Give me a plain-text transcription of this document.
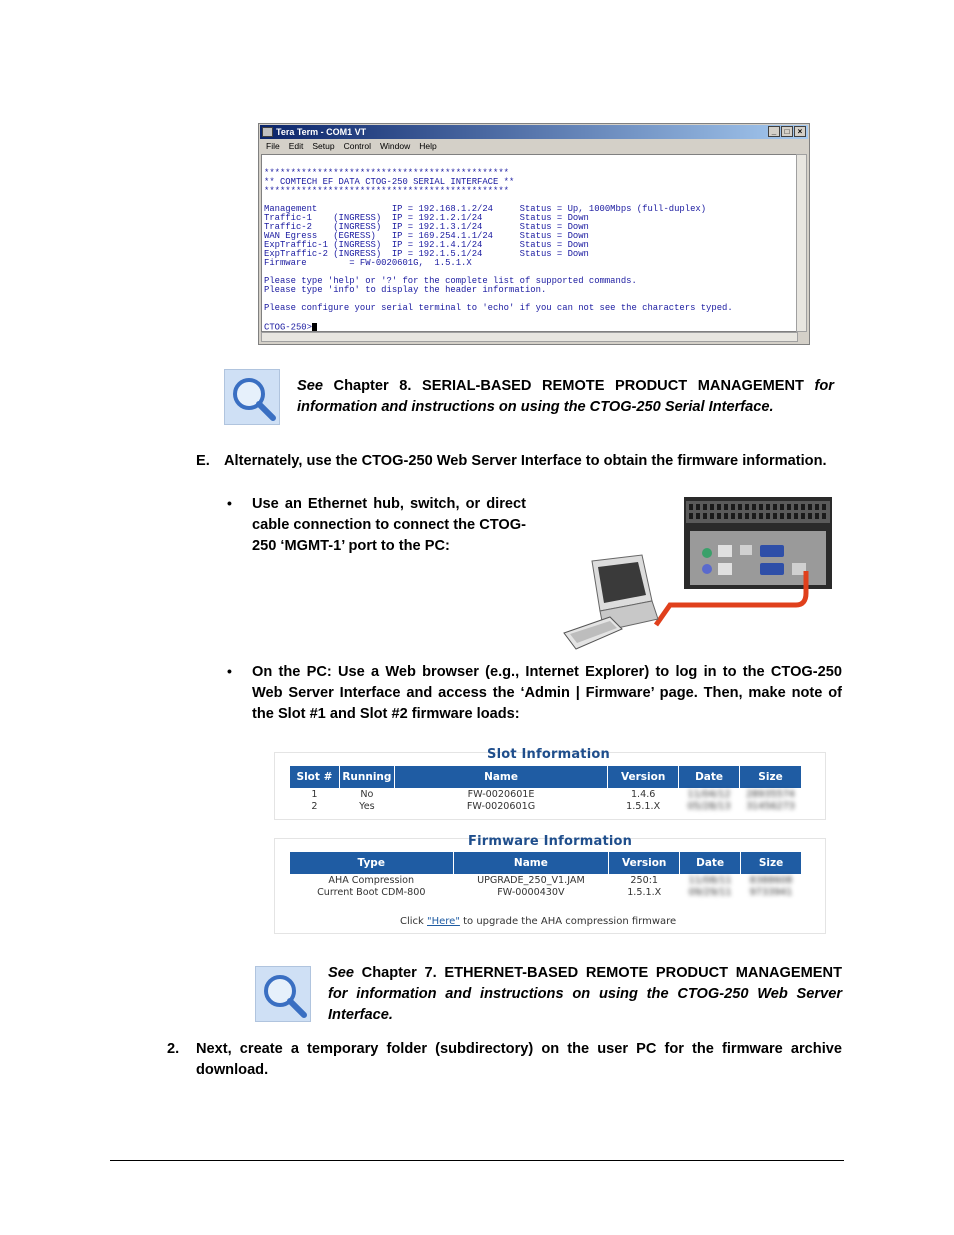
Tera Term - COM1 VT	_	□	×
File Edit Setup Control Window Help
**********************************************
** COMTECH EF DATA CTOG-250 SERIAL INTERFACE **
**********************************************
Management              IP = 192.168.1.2/24     Status = Up, 1000Mbps (full-duplex)
Traffic-1    (INGRESS)  IP = 192.1.2.1/24       Status = Down
Traffic-2    (INGRESS)  IP = 192.1.3.1/24       Status = Down
WAN Egress   (EGRESS)   IP = 169.254.1.1/24     Status = Down
ExpTraffic-1 (INGRESS)  IP = 192.1.4.1/24       Status = Down
ExpTraffic-2 (INGRESS)  IP = 192.1.5.1/24       Status = Down
Firmware        = FW-0020601G,  1.5.1.X
Please type 'help' or '?' for the complete list of supported commands.
Please type 'info' to display the header information.
Please configure your serial terminal to 'echo' if you can not see the characters typed.
CTOG-250>
See Chapter 8. SERIAL-BASED REMOTE PRODUCT MANAGEMENT for information and instructions on using the CTOG-250 Serial Interface.
E. Alternately, use the CTOG-250 Web Server Interface to obtain the firmware information.
• Use an Ethernet hub, switch, or direct cable connection to connect the CTOG-250 ‘MGMT-1’ port to the PC:
• On the PC: Use a Web browser (e.g., Internet Explorer) to log in to the CTOG-250 Web Server Interface and access the ‘Admin | Firmware’ page. Then, make note of the Slot #1 and Slot #2 firmware loads:
Slot Information
Slot #	Running	Name	Version	Date	Size
1	No	FW-0020601E	1.4.6	11/04/12	28935574
2	Yes	FW-0020601G	1.5.1.X	05/28/13	31456273
Firmware Information
Type	Name	Version	Date	Size
AHA Compression	UPGRADE_250_V1.JAM	250:1	11/08/11	8388608
Current Boot CDM-800	FW-0000430V	1.5.1.X	09/29/11	9733941
Click "Here" to upgrade the AHA compression firmware
See Chapter 7. ETHERNET-BASED REMOTE PRODUCT MANAGEMENT for information and instructions on using the CTOG-250 Web Server Interface.
2. Next, create a temporary folder (subdirectory) on the user PC for the firmware archive download.
